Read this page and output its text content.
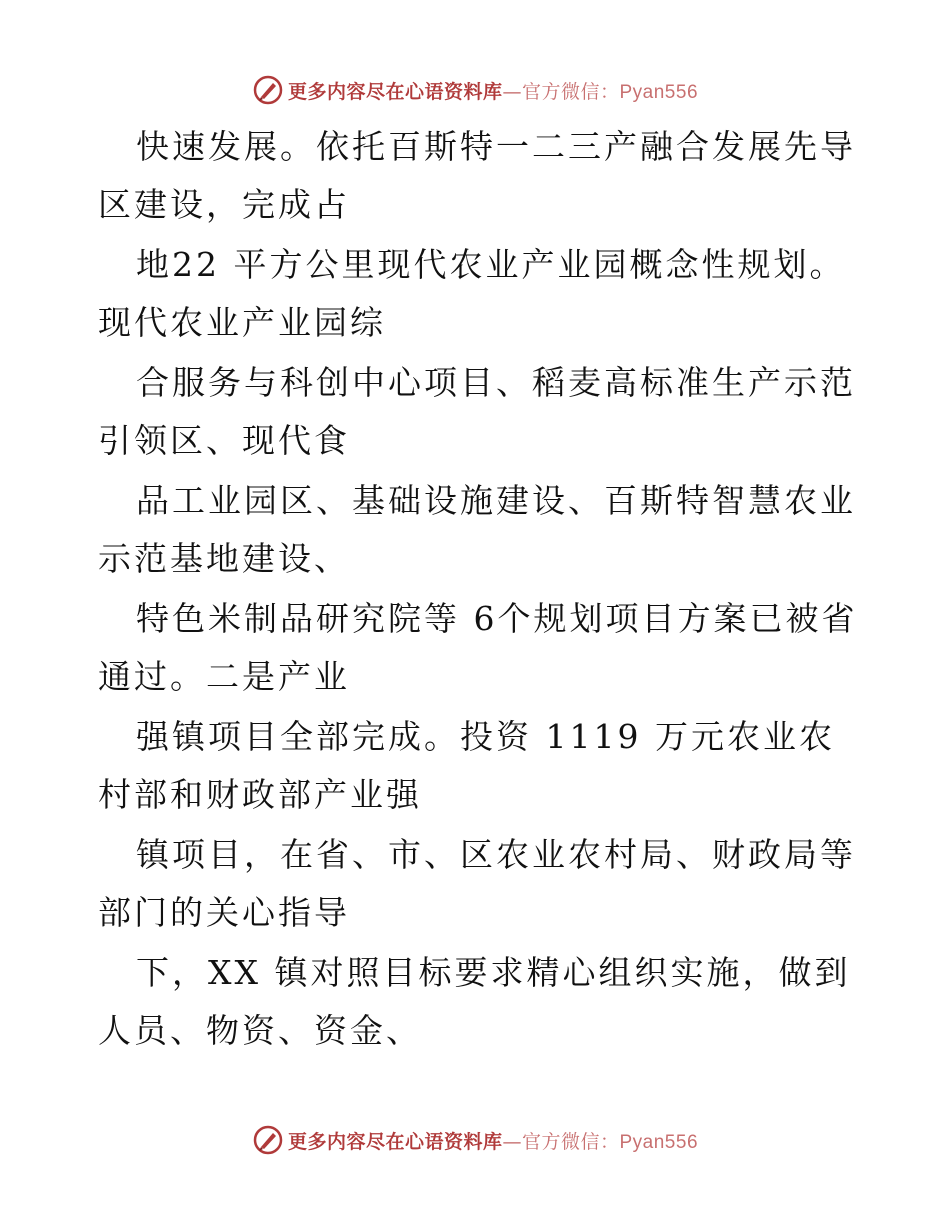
更多内容尽在心语资料库—官方微信：Pyan556

快速发展。依托百斯特一二三产融合发展先导区建设，完成占

地22 平方公里现代农业产业园概念性规划。现代农业产业园综

合服务与科创中心项目、稻麦高标准生产示范引领区、现代食

品工业园区、基础设施建设、百斯特智慧农业示范基地建设、

特色米制品研究院等 6个规划项目方案已被省通过。二是产业

强镇项目全部完成。投资 1119 万元农业农村部和财政部产业强

镇项目，在省、市、区农业农村局、财政局等部门的关心指导

下，XX 镇对照目标要求精心组织实施，做到人员、物资、资金、

更多内容尽在心语资料库—官方微信：Pyan556
